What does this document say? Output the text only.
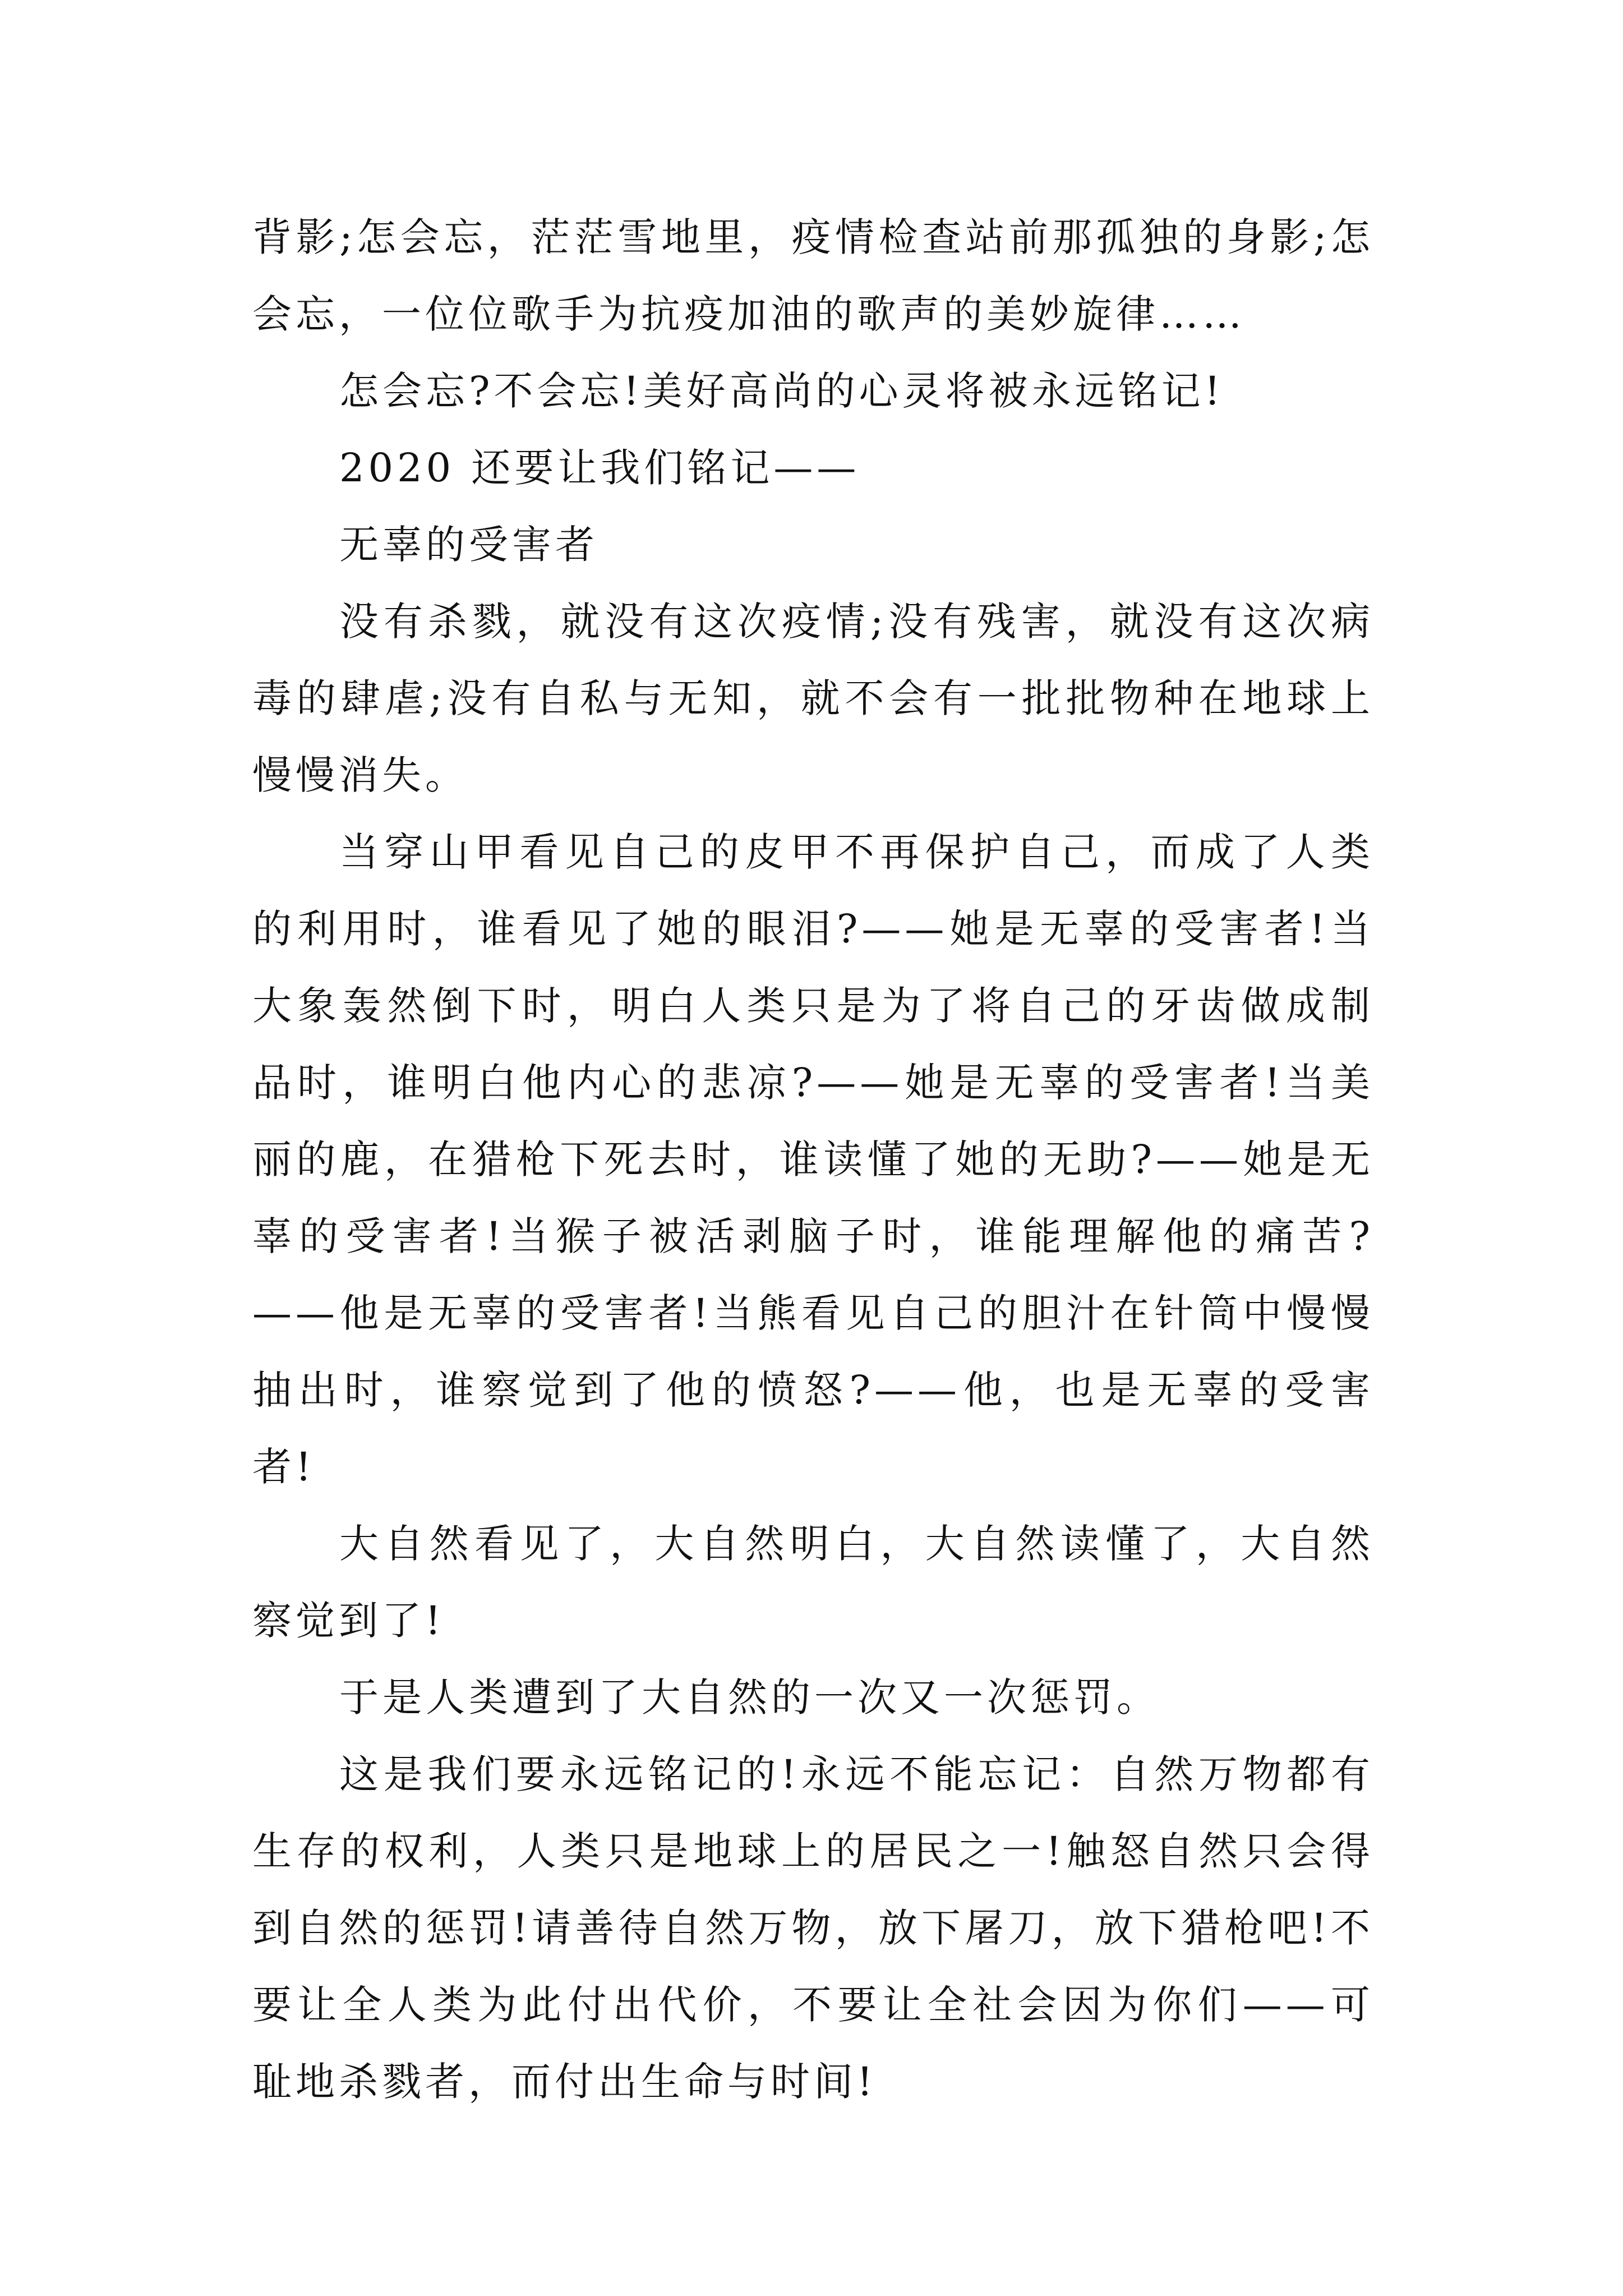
背影;怎会忘，茫茫雪地里，疫情检查站前那孤独的身影;怎会忘，一位位歌手为抗疫加油的歌声的美妙旋律……

怎会忘?不会忘!美好高尚的心灵将被永远铭记!

2020 还要让我们铭记——

无辜的受害者

没有杀戮，就没有这次疫情;没有残害，就没有这次病毒的肆虐;没有自私与无知，就不会有一批批物种在地球上慢慢消失。

当穿山甲看见自己的皮甲不再保护自己，而成了人类的利用时，谁看见了她的眼泪?——她是无辜的受害者!当大象轰然倒下时，明白人类只是为了将自己的牙齿做成制品时，谁明白他内心的悲凉?——她是无辜的受害者!当美丽的鹿，在猎枪下死去时，谁读懂了她的无助?——她是无辜的受害者!当猴子被活剥脑子时，谁能理解他的痛苦?——他是无辜的受害者!当熊看见自己的胆汁在针筒中慢慢抽出时，谁察觉到了他的愤怒?——他，也是无辜的受害者!

大自然看见了，大自然明白，大自然读懂了，大自然察觉到了!

于是人类遭到了大自然的一次又一次惩罚。

这是我们要永远铭记的!永远不能忘记：自然万物都有生存的权利，人类只是地球上的居民之一!触怒自然只会得到自然的惩罚!请善待自然万物，放下屠刀，放下猎枪吧!不要让全人类为此付出代价，不要让全社会因为你们——可耻地杀戮者，而付出生命与时间!
